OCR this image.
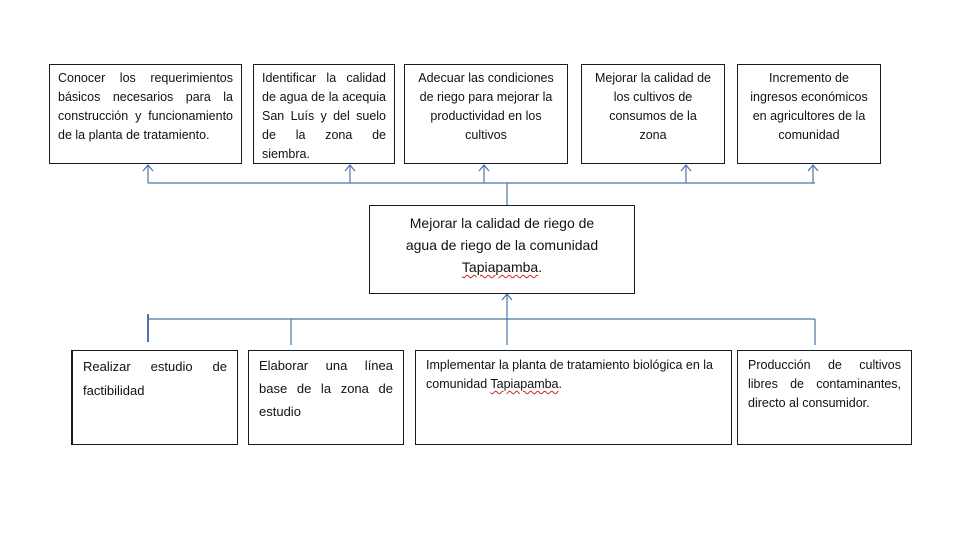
Conocer los requerimientos básicos necesarios para la construcción y funcionamiento de la planta de tratamiento.
Identificar la calidad de agua de la acequia San Luís y del suelo de la zona de siembra.
Adecuar las condiciones de riego para mejorar la productividad en los cultivos
Mejorar la calidad de los cultivos de consumos de la zona
Incremento de ingresos económicos en agricultores de la comunidad
Mejorar la calidad de riego de
agua de riego de la comunidad
Tapiapamba.
Realizar estudio de factibilidad
Elaborar una línea base de la zona de estudio
Implementar la planta de tratamiento biológica en la comunidad Tapiapamba.
Producción de cultivos libres de contaminantes, directo al consumidor.
